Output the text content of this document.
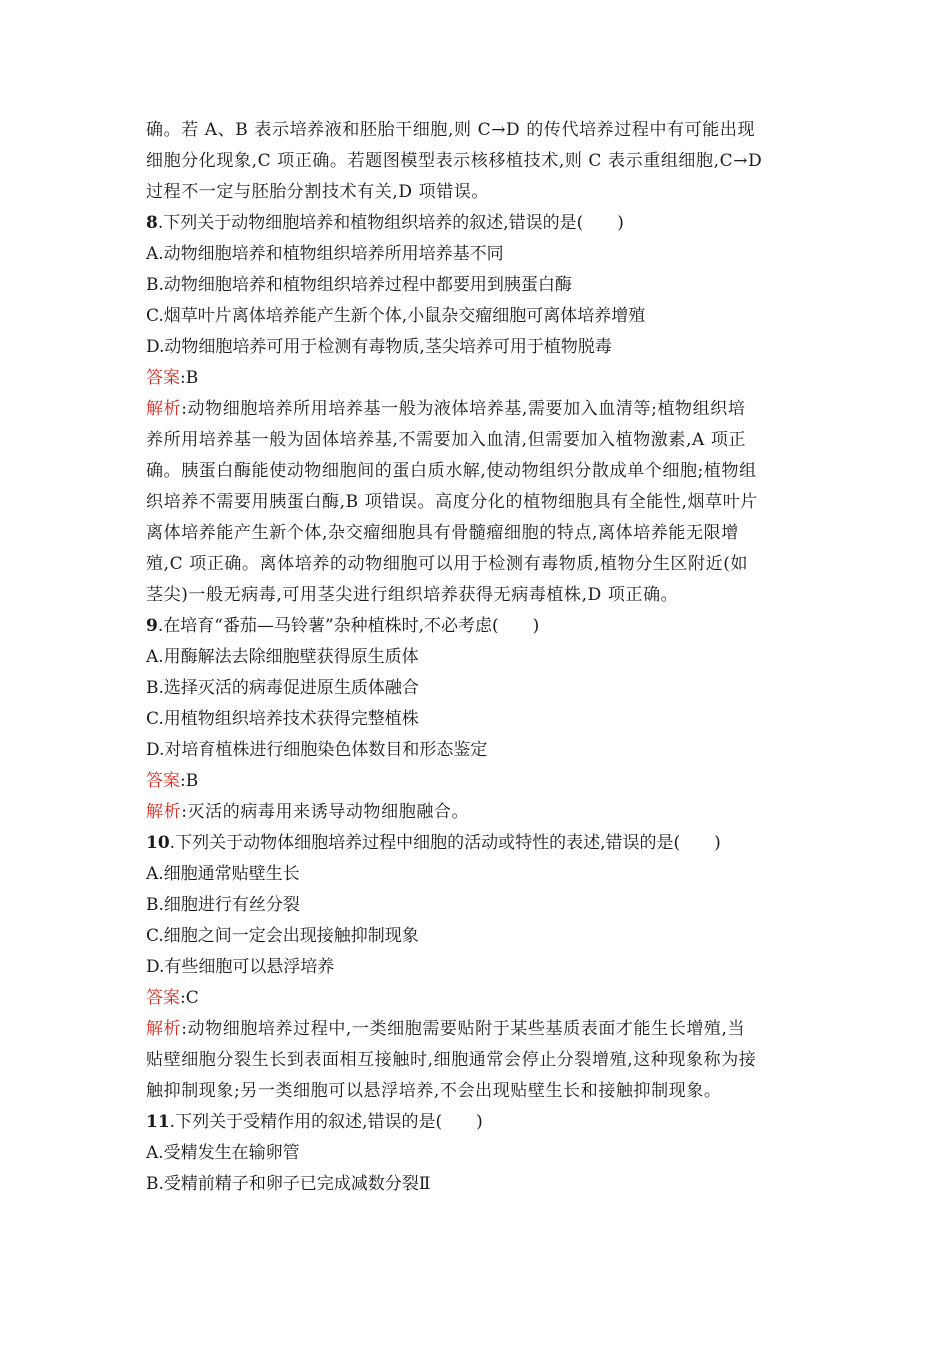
确。若 A、B 表示培养液和胚胎干细胞,则 C→D 的传代培养过程中有可能出现
细胞分化现象,C 项正确。若题图模型表示核移植技术,则 C 表示重组细胞,C→D
过程不一定与胚胎分割技术有关,D 项错误。
8.下列关于动物细胞培养和植物组织培养的叙述,错误的是(　　)
A.动物细胞培养和植物组织培养所用培养基不同
B.动物细胞培养和植物组织培养过程中都要用到胰蛋白酶
C.烟草叶片离体培养能产生新个体,小鼠杂交瘤细胞可离体培养增殖
D.动物细胞培养可用于检测有毒物质,茎尖培养可用于植物脱毒
答案:B
解析:动物细胞培养所用培养基一般为液体培养基,需要加入血清等;植物组织培
养所用培养基一般为固体培养基,不需要加入血清,但需要加入植物激素,A 项正
确。胰蛋白酶能使动物细胞间的蛋白质水解,使动物组织分散成单个细胞;植物组
织培养不需要用胰蛋白酶,B 项错误。高度分化的植物细胞具有全能性,烟草叶片
离体培养能产生新个体,杂交瘤细胞具有骨髓瘤细胞的特点,离体培养能无限增
殖,C 项正确。离体培养的动物细胞可以用于检测有毒物质,植物分生区附近(如
茎尖)一般无病毒,可用茎尖进行组织培养获得无病毒植株,D 项正确。
9.在培育“番茄—马铃薯”杂种植株时,不必考虑(　　)
A.用酶解法去除细胞壁获得原生质体
B.选择灭活的病毒促进原生质体融合
C.用植物组织培养技术获得完整植株
D.对培育植株进行细胞染色体数目和形态鉴定
答案:B
解析:灭活的病毒用来诱导动物细胞融合。
10.下列关于动物体细胞培养过程中细胞的活动或特性的表述,错误的是(　　)
A.细胞通常贴壁生长
B.细胞进行有丝分裂
C.细胞之间一定会出现接触抑制现象
D.有些细胞可以悬浮培养
答案:C
解析:动物细胞培养过程中,一类细胞需要贴附于某些基质表面才能生长增殖,当
贴壁细胞分裂生长到表面相互接触时,细胞通常会停止分裂增殖,这种现象称为接
触抑制现象;另一类细胞可以悬浮培养,不会出现贴壁生长和接触抑制现象。
11.下列关于受精作用的叙述,错误的是(　　)
A.受精发生在输卵管
B.受精前精子和卵子已完成减数分裂Ⅱ
